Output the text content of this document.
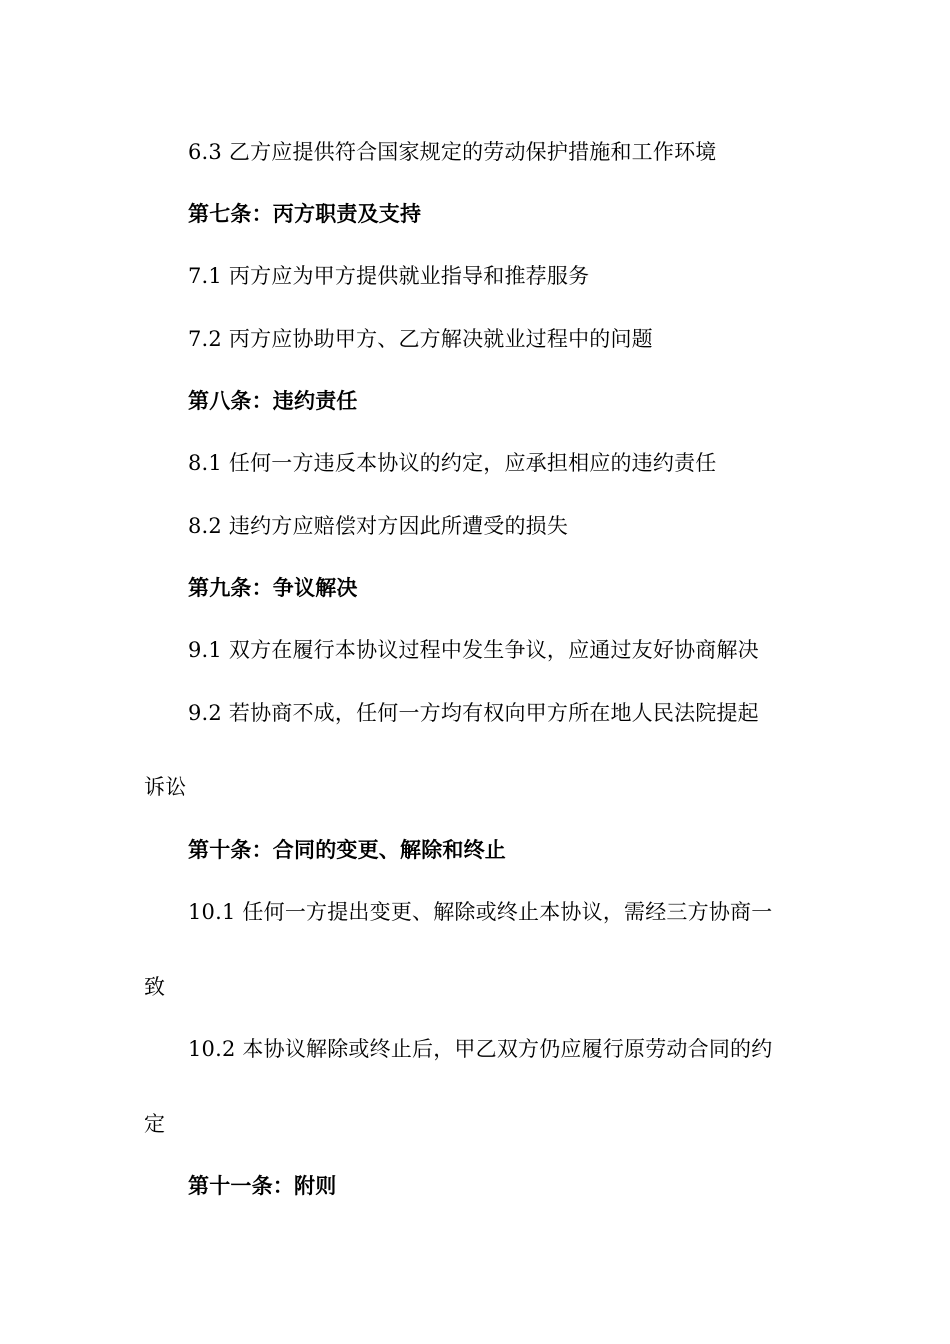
6.3 乙方应提供符合国家规定的劳动保护措施和工作环境
第七条：丙方职责及支持
7.1 丙方应为甲方提供就业指导和推荐服务
7.2 丙方应协助甲方、乙方解决就业过程中的问题
第八条：违约责任
8.1 任何一方违反本协议的约定，应承担相应的违约责任
8.2 违约方应赔偿对方因此所遭受的损失
第九条：争议解决
9.1 双方在履行本协议过程中发生争议，应通过友好协商解决
9.2 若协商不成，任何一方均有权向甲方所在地人民法院提起
诉讼
第十条：合同的变更、解除和终止
10.1 任何一方提出变更、解除或终止本协议，需经三方协商一
致
10.2 本协议解除或终止后，甲乙双方仍应履行原劳动合同的约
定
第十一条：附则
